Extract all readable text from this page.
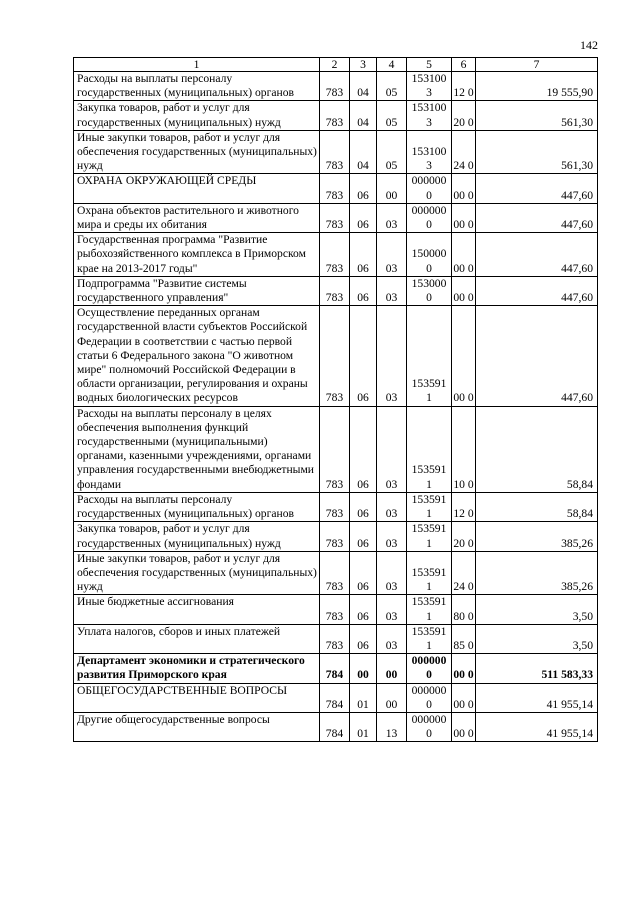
142
1	2	3	4	5	6	7
Расходы на выплаты персоналу государственных (муниципальных) органов	783	04	05	153100 3	12 0	19 555,90
Закупка товаров, работ и услуг для государственных (муниципальных) нужд	783	04	05	153100 3	20 0	561,30
Иные закупки товаров, работ и услуг для обеспечения государственных (муниципальных) нужд	783	04	05	153100 3	24 0	561,30
ОХРАНА ОКРУЖАЮЩЕЙ СРЕДЫ	783	06	00	000000 0	00 0	447,60
Охрана объектов растительного и животного мира и среды их обитания	783	06	03	000000 0	00 0	447,60
Государственная программа "Развитие рыбохозяйственного комплекса в Приморском крае на 2013-2017 годы"	783	06	03	150000 0	00 0	447,60
Подпрограмма "Развитие системы государственного управления"	783	06	03	153000 0	00 0	447,60
Осуществление переданных органам государственной власти субъектов Российской Федерации в соответствии с частью первой статьи 6 Федерального закона "О животном мире" полномочий Российской Федерации в области организации, регулирования и охраны водных биологических ресурсов	783	06	03	153591 1	00 0	447,60
Расходы на выплаты персоналу в целях обеспечения выполнения функций государственными (муниципальными) органами, казенными учреждениями, органами управления государственными внебюджетными фондами	783	06	03	153591 1	10 0	58,84
Расходы на выплаты персоналу государственных (муниципальных) органов	783	06	03	153591 1	12 0	58,84
Закупка товаров, работ и услуг для государственных (муниципальных) нужд	783	06	03	153591 1	20 0	385,26
Иные закупки товаров, работ и услуг для обеспечения государственных (муниципальных) нужд	783	06	03	153591 1	24 0	385,26
Иные бюджетные ассигнования	783	06	03	153591 1	80 0	3,50
Уплата налогов, сборов и иных платежей	783	06	03	153591 1	85 0	3,50
Департамент экономики и стратегического развития Приморского края	784	00	00	000000 0	00 0	511 583,33
ОБЩЕГОСУДАРСТВЕННЫЕ ВОПРОСЫ	784	01	00	000000 0	00 0	41 955,14
Другие общегосударственные вопросы	784	01	13	000000 0	00 0	41 955,14
